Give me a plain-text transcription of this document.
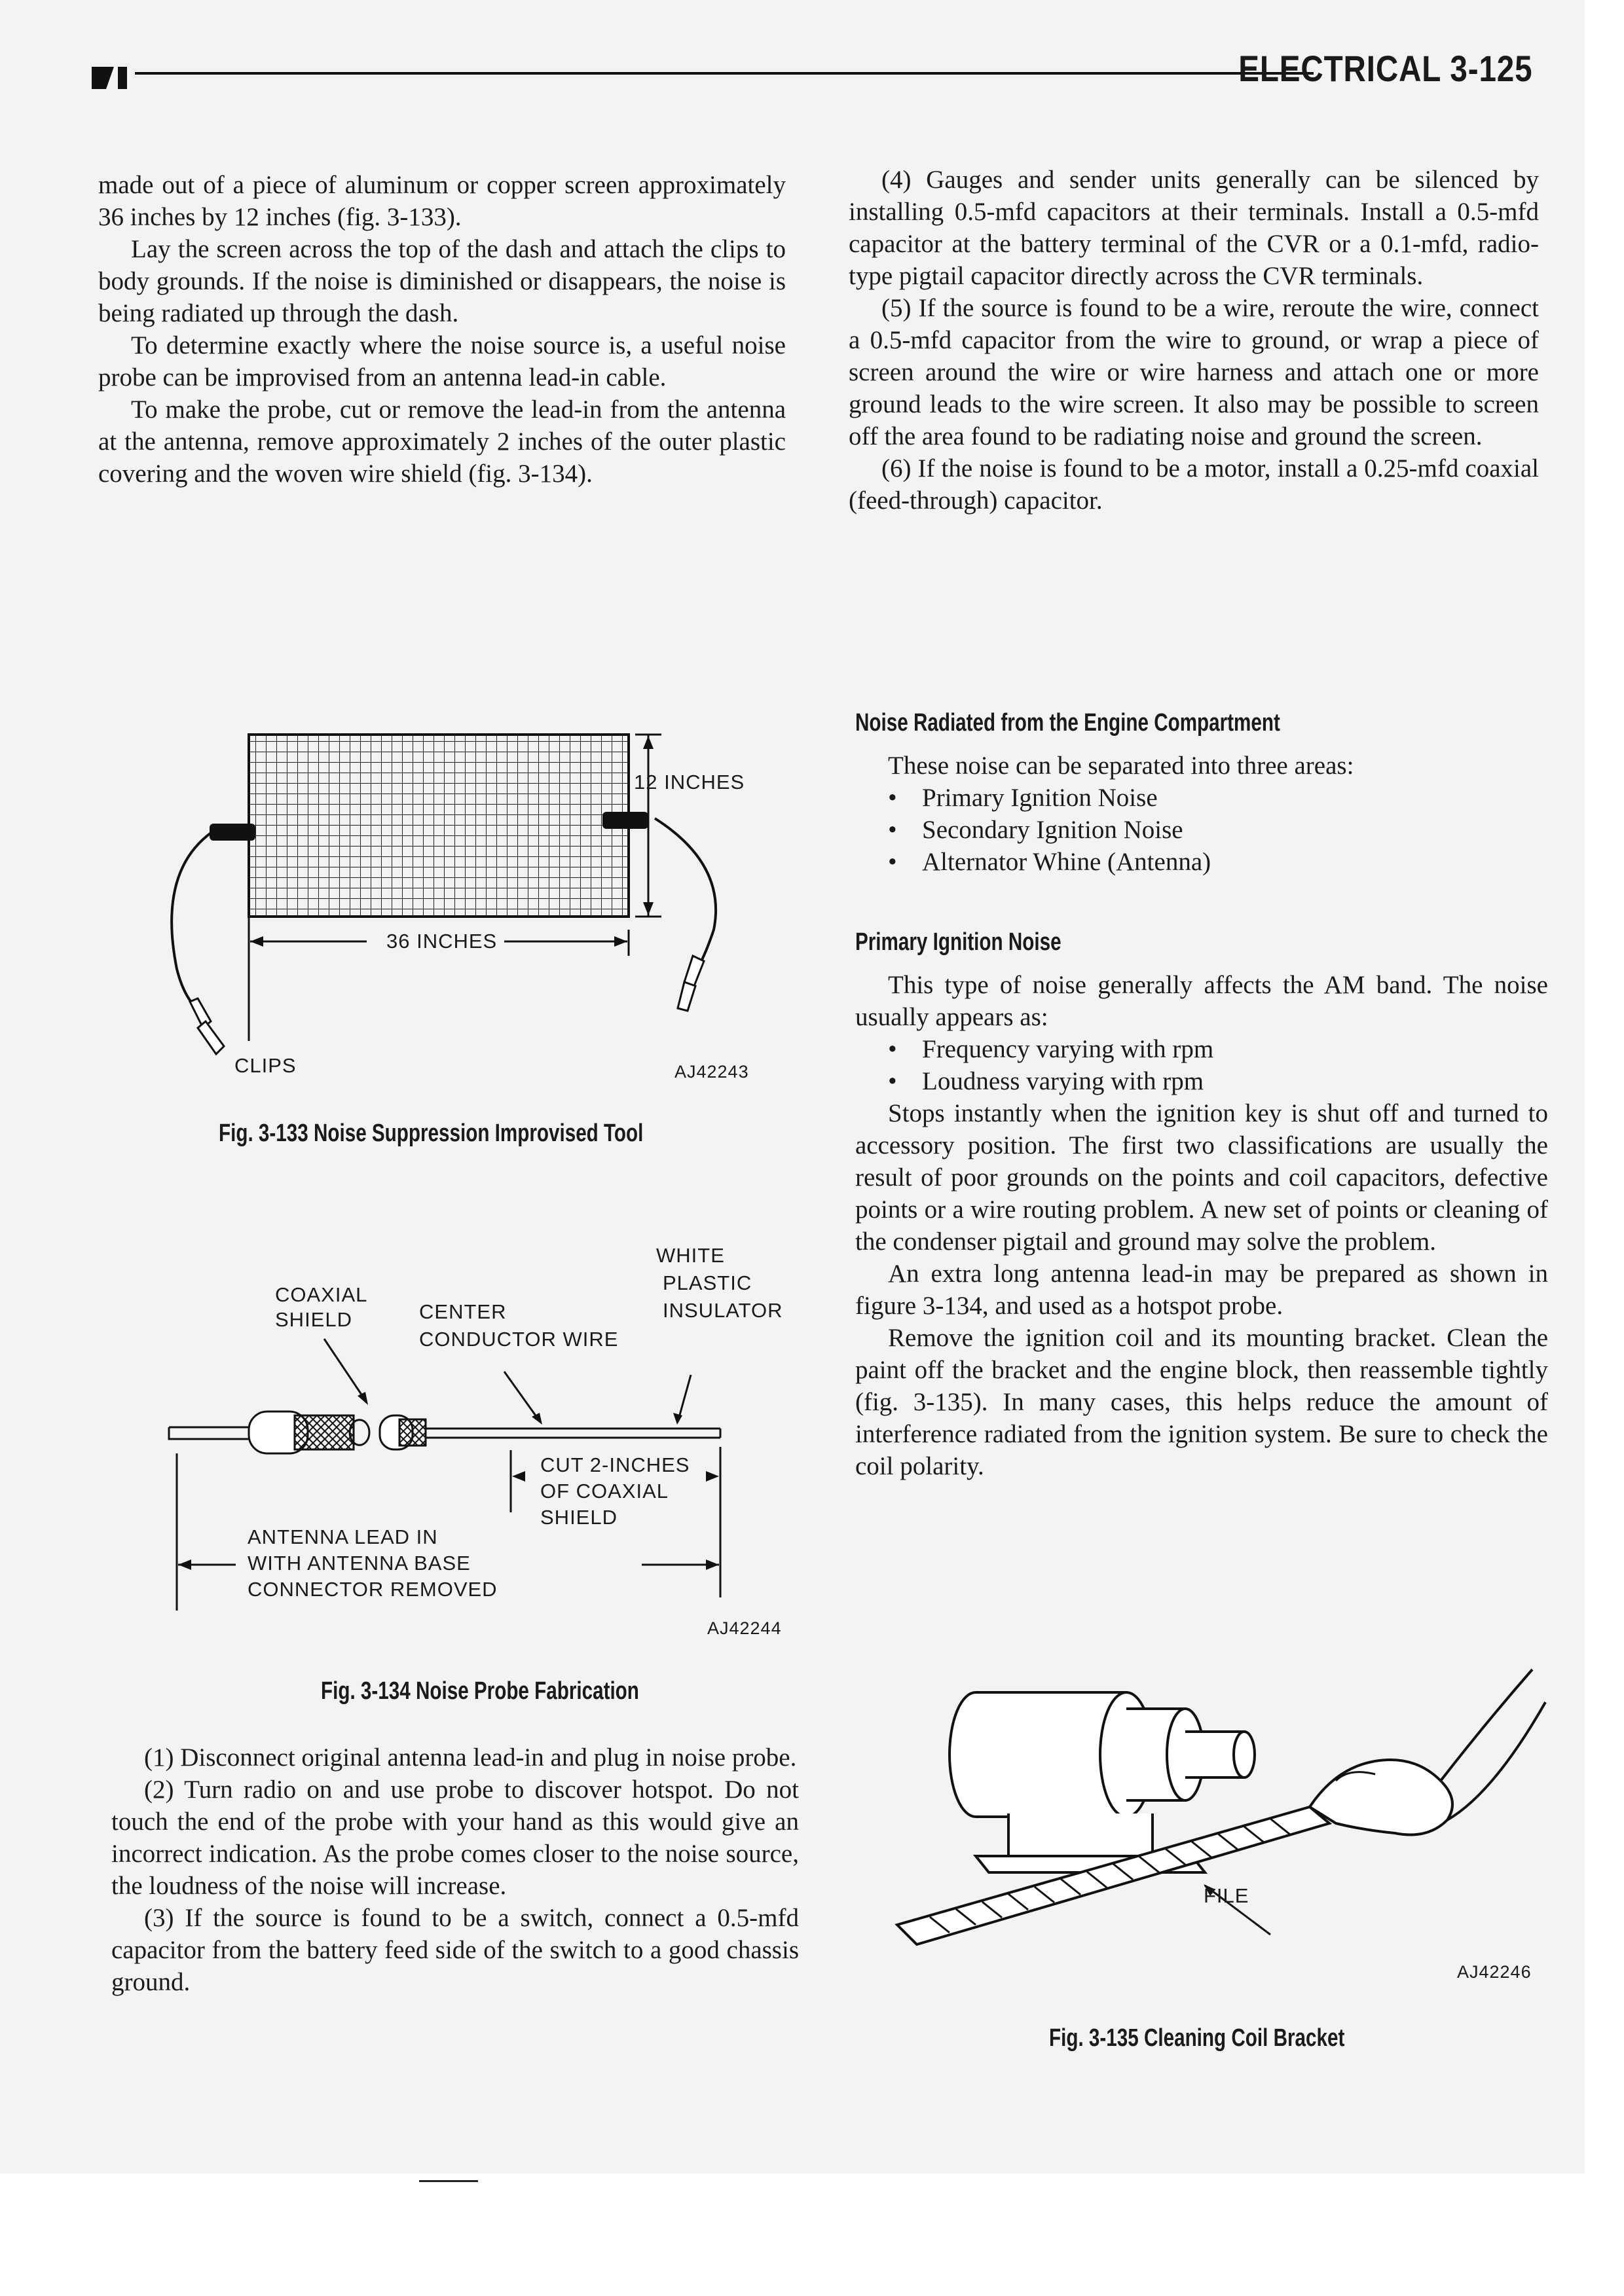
ELECTRICAL 3-125

made out of a piece of aluminum or copper screen approximately 36 inches by 12 inches (fig. 3-133).

Lay the screen across the top of the dash and attach the clips to body grounds. If the noise is diminished or disappears, the noise is being radiated up through the dash.

To determine exactly where the noise source is, a useful noise probe can be improvised from an antenna lead-in cable.

To make the probe, cut or remove the lead-in from the antenna at the antenna, remove approximately 2 inches of the outer plastic covering and the woven wire shield (fig. 3-134).

12 INCHES
36 INCHES
CLIPS	AJ42243
Fig. 3-133 Noise Suppression Improvised Tool
COAXIAL
SHIELD	CENTER
CONDUCTOR WIRE
WHITE
PLASTIC
INSULATOR
CUT 2-INCHES
OF COAXIAL
SHIELD
ANTENNA LEAD IN
WITH ANTENNA BASE
CONNECTOR REMOVED
AJ42244
Fig. 3-134 Noise Probe Fabrication

(1) Disconnect original antenna lead-in and plug in noise probe.

(2) Turn radio on and use probe to discover hotspot. Do not touch the end of the probe with your hand as this would give an incorrect indication. As the probe comes closer to the noise source, the loudness of the noise will increase.

(3) If the source is found to be a switch, connect a 0.5-mfd capacitor from the battery feed side of the switch to a good chassis ground.

(4) Gauges and sender units generally can be silenced by installing 0.5-mfd capacitors at their terminals. Install a 0.5-mfd capacitor at the battery terminal of the CVR or a 0.1-mfd, radio-type pigtail capacitor directly across the CVR terminals.

(5) If the source is found to be a wire, reroute the wire, connect a 0.5-mfd capacitor from the wire to ground, or wrap a piece of screen around the wire or wire harness and attach one or more ground leads to the wire screen. It also may be possible to screen off the area found to be radiating noise and ground the screen.

(6) If the noise is found to be a motor, install a 0.25-mfd coaxial (feed-through) capacitor.

Noise Radiated from the Engine Compartment

These noise can be separated into three areas:

• Primary Ignition Noise
• Secondary Ignition Noise
• Alternator Whine (Antenna)
Primary Ignition Noise

This type of noise generally affects the AM band. The noise usually appears as:

• Frequency varying with rpm
• Loudness varying with rpm

Stops instantly when the ignition key is shut off and turned to accessory position. The first two classifications are usually the result of poor grounds on the points and coil capacitors, defective points or a wire routing problem. A new set of points or cleaning of the condenser pigtail and ground may solve the problem.

An extra long antenna lead-in may be prepared as shown in figure 3-134, and used as a hotspot probe.

Remove the ignition coil and its mounting bracket. Clean the paint off the bracket and the engine block, then reassemble tightly (fig. 3-135). In many cases, this helps reduce the amount of interference radiated from the ignition system. Be sure to check the coil polarity.

FILE
AJ42246
Fig. 3-135 Cleaning Coil Bracket
